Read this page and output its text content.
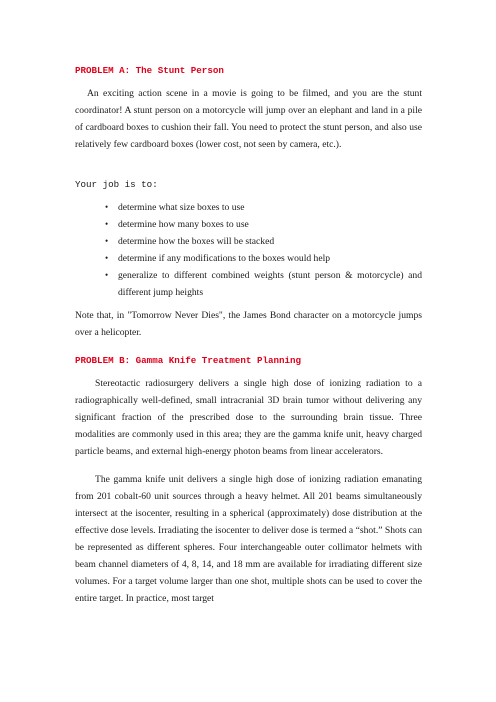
PROBLEM A: The Stunt Person

An exciting action scene in a movie is going to be filmed, and you are the stunt coordinator! A stunt person on a motorcycle will jump over an elephant and land in a pile of cardboard boxes to cushion their fall. You need to protect the stunt person, and also use relatively few cardboard boxes (lower cost, not seen by camera, etc.).

Your job is to:
• determine what size boxes to use
• determine how many boxes to use
• determine how the boxes will be stacked
• determine if any modifications to the boxes would help
• generalize to different combined weights (stunt person & motorcycle) and different jump heights

Note that, in "Tomorrow Never Dies", the James Bond character on a motorcycle jumps over a helicopter.

PROBLEM B: Gamma Knife Treatment Planning

Stereotactic radiosurgery delivers a single high dose of ionizing radiation to a radiographically well-defined, small intracranial 3D brain tumor without delivering any significant fraction of the prescribed dose to the surrounding brain tissue. Three modalities are commonly used in this area; they are the gamma knife unit, heavy charged particle beams, and external high-energy photon beams from linear accelerators.

The gamma knife unit delivers a single high dose of ionizing radiation emanating from 201 cobalt-60 unit sources through a heavy helmet. All 201 beams simultaneously intersect at the isocenter, resulting in a spherical (approximately) dose distribution at the effective dose levels. Irradiating the isocenter to deliver dose is termed a “shot.” Shots can be represented as different spheres. Four interchangeable outer collimator helmets with beam channel diameters of 4, 8, 14, and 18 mm are available for irradiating different size volumes. For a target volume larger than one shot, multiple shots can be used to cover the entire target. In practice, most target
